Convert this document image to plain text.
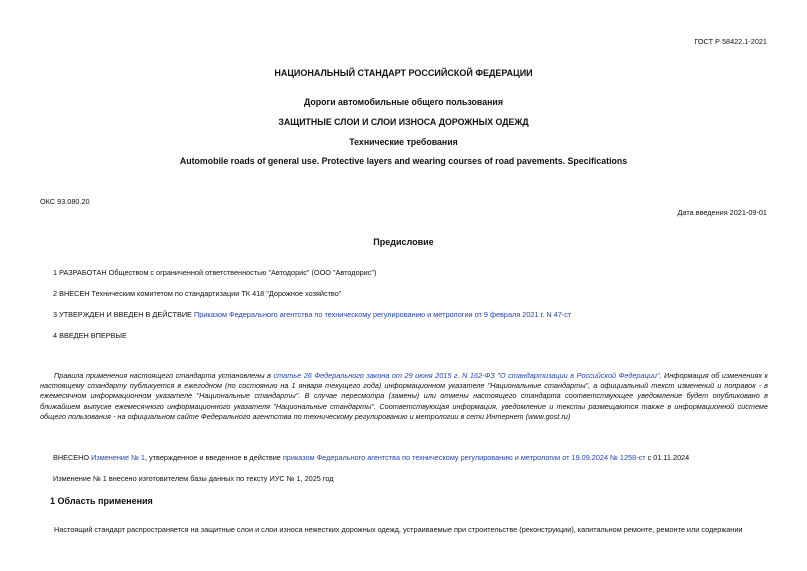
ГОСТ Р 58422.1-2021
НАЦИОНАЛЬНЫЙ СТАНДАРТ РОССИЙСКОЙ ФЕДЕРАЦИИ
Дороги автомобильные общего пользования
ЗАЩИТНЫЕ СЛОИ И СЛОИ ИЗНОСА ДОРОЖНЫХ ОДЕЖД
Технические требования
Automobile roads of general use. Protective layers and wearing courses of road pavements. Specifications
ОКС 93.080.20
Дата введения 2021-09-01
Предисловие
1 РАЗРАБОТАН Обществом с ограниченной ответственностью "Автодорис" (ООО "Автодорис")
2 ВНЕСЕН Техническим комитетом по стандартизации ТК 418 "Дорожное хозяйство"
3 УТВЕРЖДЕН И ВВЕДЕН В ДЕЙСТВИЕ Приказом Федерального агентства по техническому регулированию и метрологии от 9 февраля 2021 г. N 47-ст
4 ВВЕДЕН ВПЕРВЫЕ
Правила применения настоящего стандарта установлены в статье 26 Федерального закона от 29 июня 2015 г. N 162-ФЗ "О стандартизации в Российской Федерации". Информация об изменениях к настоящему стандарту публикуется в ежегодном (по состоянию на 1 января текущего года) информационном указателе "Национальные стандарты", а официальный текст изменений и поправок - в ежемесячном информационном указателе "Национальные стандарты". В случае пересмотра (замены) или отмены настоящего стандарта соответствующее уведомление будет опубликовано в ближайшем выпуске ежемесячного информационного указателя "Национальные стандарты". Соответствующая информация, уведомление и тексты размещаются также в информационной системе общего пользования - на официальном сайте Федерального агентства по техническому регулированию и метрологии в сети Интернет (www.gost.ru)
ВНЕСЕНО Изменение № 1, утвержденное и введенное в действие приказом Федерального агентства по техническому регулированию и метрологии от 19.09.2024 № 1258-ст с 01.11.2024
Изменение № 1 внесено изготовителем базы данных по тексту ИУС № 1, 2025 год
1 Область применения
Настоящий стандарт распространяется на защитные слои и слои износа нежестких дорожных одежд, устраиваемые при строительстве (реконструкции), капитальном ремонте, ремонте или содержании
